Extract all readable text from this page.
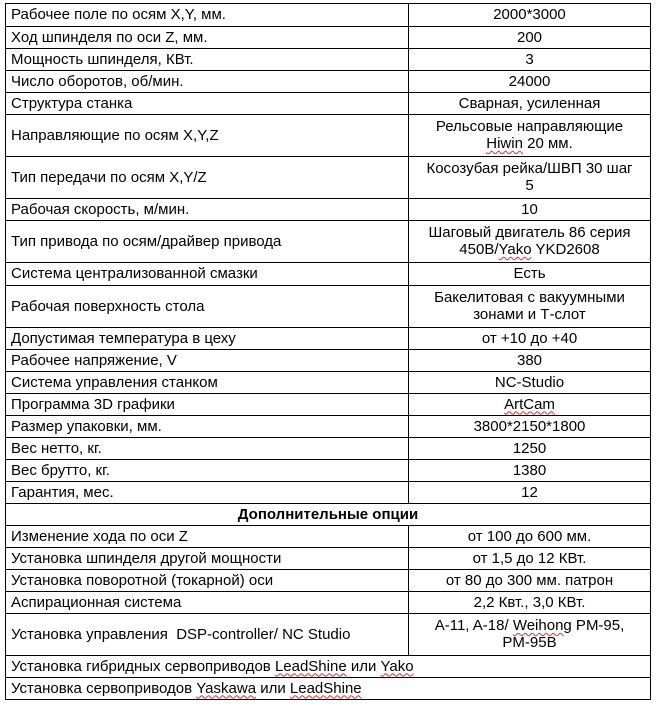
Рабочее поле по осям X,Y, мм.	2000*3000
Ход шпинделя по оси Z, мм.	200
Мощность шпинделя, КВт.	3
Число оборотов, об/мин.	24000
Структура станка	Сварная, усиленная
Направляющие по осям X,Y,Z	Рельсовые направляющие
Hiwin 20 мм.
Тип передачи по осям X,Y/Z	Косозубая рейка/ШВП 30 шаг
5
Рабочая скорость, м/мин.	10
Тип привода по осям/драйвер привода	Шаговый двигатель 86 серия
450В/Yako YKD2608
Система централизованной смазки	Есть
Рабочая поверхность стола	Бакелитовая с вакуумными
зонами и Т-слот
Допустимая температура в цеху	от +10 до +40
Рабочее напряжение, V	380
Система управления станком	NC-Studio
Программа 3D графики	ArtCam
Размер упаковки, мм.	3800*2150*1800
Вес нетто, кг.	1250
Вес брутто, кг.	1380
Гарантия, мес.	12
Дополнительные опции	
Изменение хода по оси Z	от 100 до 600 мм.
Установка шпинделя другой мощности	от 1,5 до 12 КВт.
Установка поворотной (токарной) оси	от 80 до 300 мм. патрон
Аспирационная система	2,2 Квт., 3,0 КВт.
Установка управления  DSP-controller/ NC Studio	A-11, A-18/ Weihong PM-95,
PM-95B
Установка гибридных сервоприводов LeadShine или Yako	
Установка сервоприводов Yaskawa или LeadShine	
